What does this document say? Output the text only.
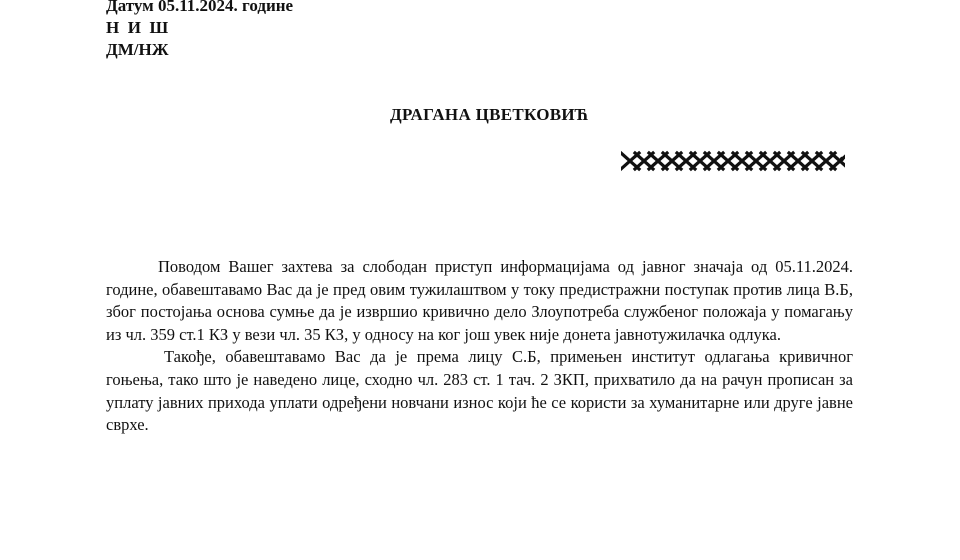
Датум 05.11.2024. године
Н  И  Ш
ДМ/НЖ
ДРАГАНА ЦВЕТКОВИЋ

Поводом Вашег захтева за слободан приступ информацијама од јавног значаја од 05.11.2024. године, обавештавамо Вас да је пред овим тужилаштвом у току предистражни поступак против лица В.Б, због постојања основа сумње да је извршио кривично дело Злоупотреба службеног положаја у помагању из чл. 359 ст.1 КЗ у вези чл. 35 КЗ, у односу на ког још увек није донета јавнотужилачка одлука.

Такође, обавештавамо Вас да је према лицу С.Б, примењен институт одлагања кривичног гоњења, тако што је наведено лице, сходно чл. 283 ст. 1 тач. 2 ЗКП, прихватило да на рачун прописан за уплату јавних прихода уплати одређени новчани износ који ће се користи за хуманитарне или друге јавне сврхе.
